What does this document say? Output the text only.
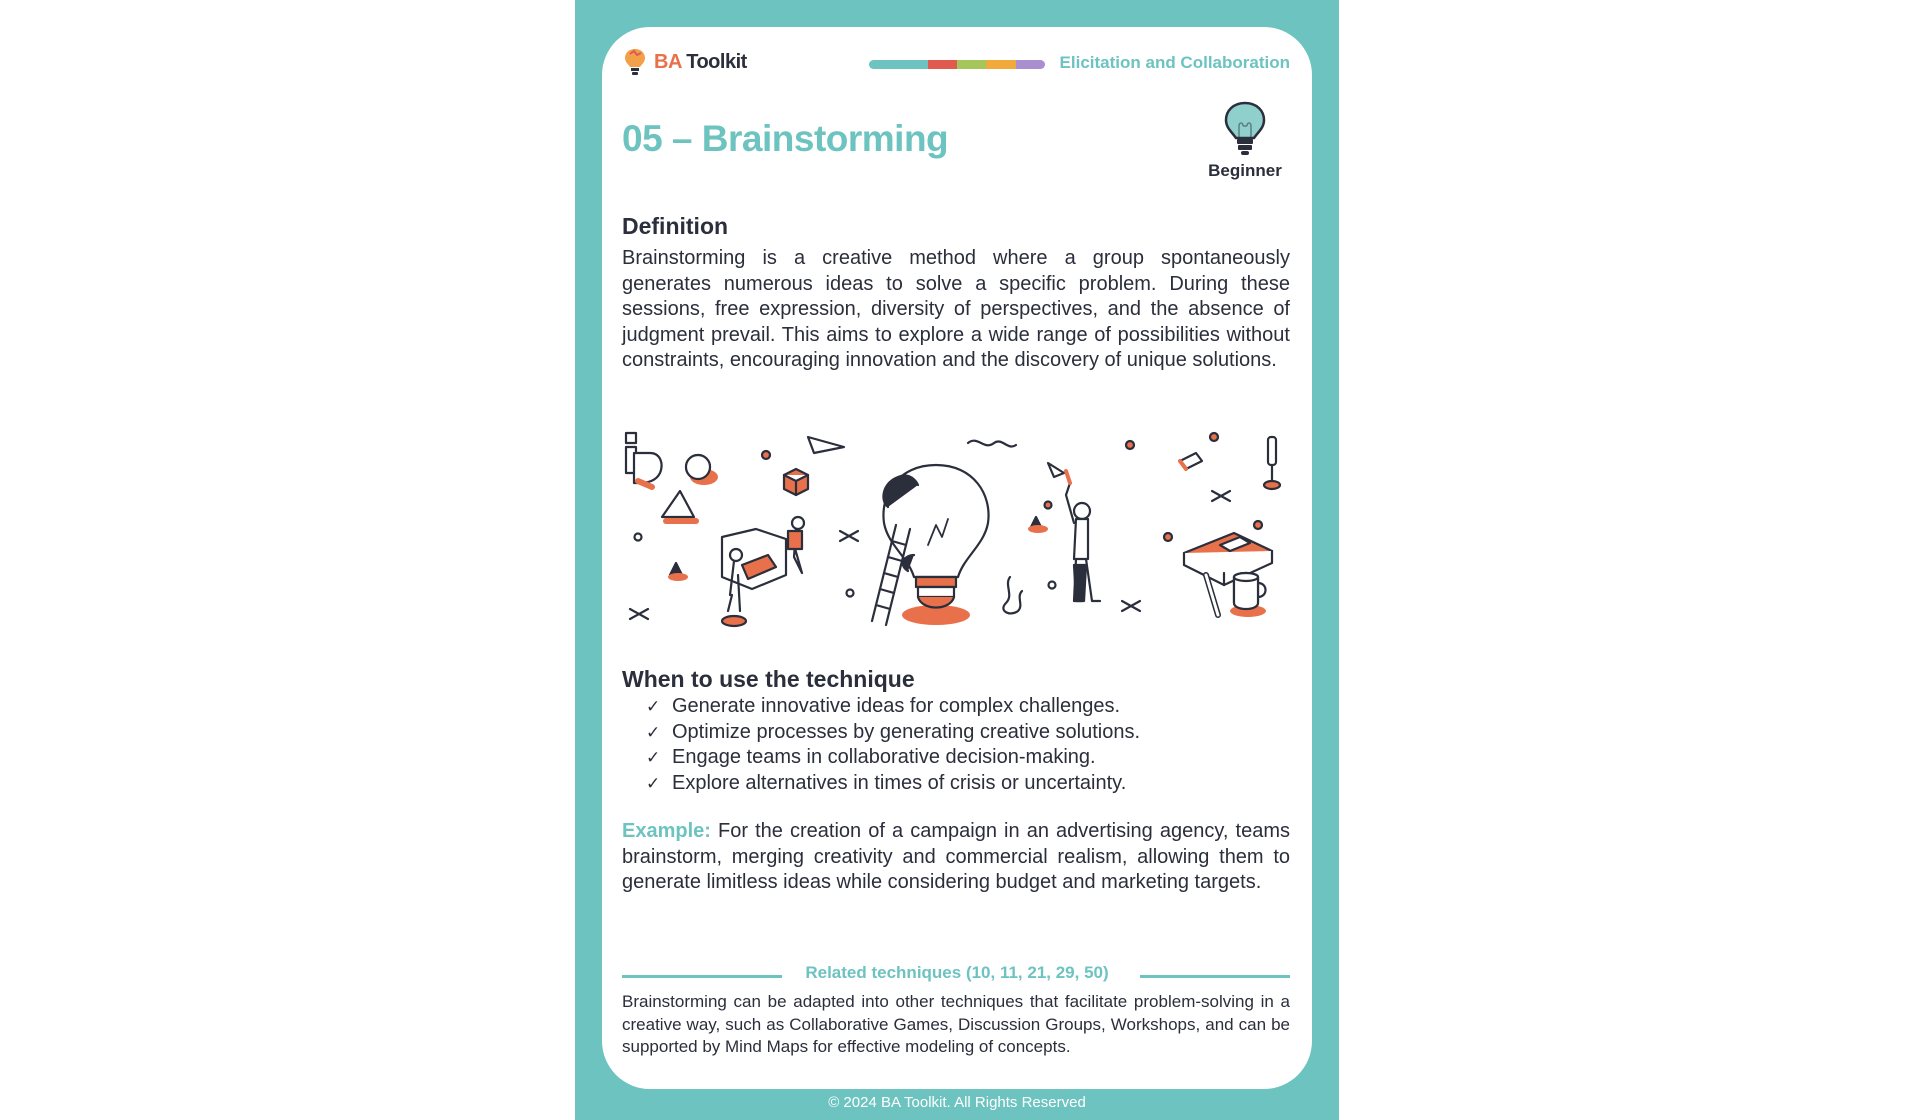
BA Toolkit	Elicitation and Collaboration
05 – Brainstorming
Beginner
Definition

Brainstorming is a creative method where a group spontaneously generates numerous ideas to solve a specific problem. During these sessions, free expression, diversity of perspectives, and the absence of judgment prevail. This aims to explore a wide range of possibilities without constraints, encouraging innovation and the discovery of unique solutions.

When to use the technique
✓ Generate innovative ideas for complex challenges.
✓ Optimize processes by generating creative solutions.
✓ Engage teams in collaborative decision-making.
✓ Explore alternatives in times of crisis or uncertainty.

Example: For the creation of a campaign in an advertising agency, teams brainstorm, merging creativity and commercial realism, allowing them to generate limitless ideas while considering budget and marketing targets.

Related techniques (10, 11, 21, 29, 50)

Brainstorming can be adapted into other techniques that facilitate problem-solving in a creative way, such as Collaborative Games, Discussion Groups, Workshops, and can be supported by Mind Maps for effective modeling of concepts.

© 2024 BA Toolkit. All Rights Reserved
